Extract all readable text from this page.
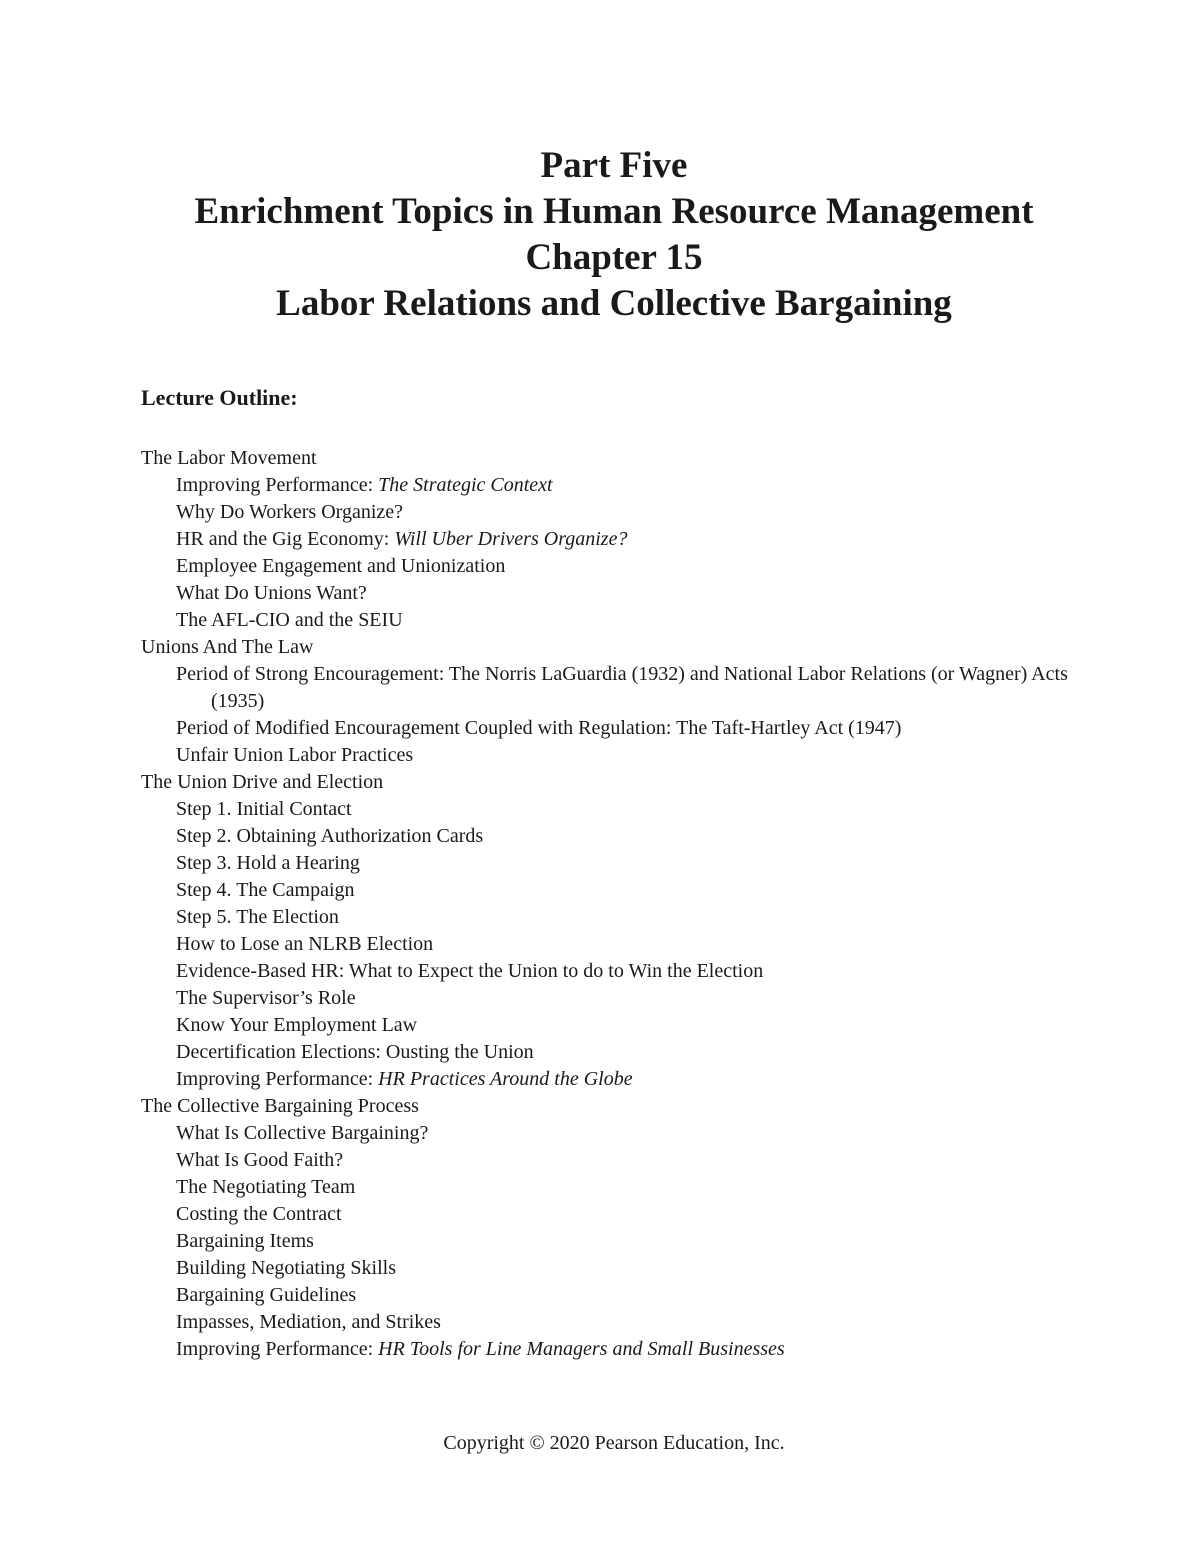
Part Five
Enrichment Topics in Human Resource Management
Chapter 15
Labor Relations and Collective Bargaining
Lecture Outline:
The Labor Movement
Improving Performance: The Strategic Context
Why Do Workers Organize?
HR and the Gig Economy: Will Uber Drivers Organize?
Employee Engagement and Unionization
What Do Unions Want?
The AFL-CIO and the SEIU
Unions And The Law
Period of Strong Encouragement: The Norris LaGuardia (1932) and National Labor Relations (or Wagner) Acts (1935)
Period of Modified Encouragement Coupled with Regulation: The Taft-Hartley Act (1947)
Unfair Union Labor Practices
The Union Drive and Election
Step 1. Initial Contact
Step 2. Obtaining Authorization Cards
Step 3. Hold a Hearing
Step 4. The Campaign
Step 5. The Election
How to Lose an NLRB Election
Evidence-Based HR: What to Expect the Union to do to Win the Election
The Supervisor’s Role
Know Your Employment Law
Decertification Elections: Ousting the Union
Improving Performance: HR Practices Around the Globe
The Collective Bargaining Process
What Is Collective Bargaining?
What Is Good Faith?
The Negotiating Team
Costing the Contract
Bargaining Items
Building Negotiating Skills
Bargaining Guidelines
Impasses, Mediation, and Strikes
Improving Performance: HR Tools for Line Managers and Small Businesses
Copyright © 2020 Pearson Education, Inc.
